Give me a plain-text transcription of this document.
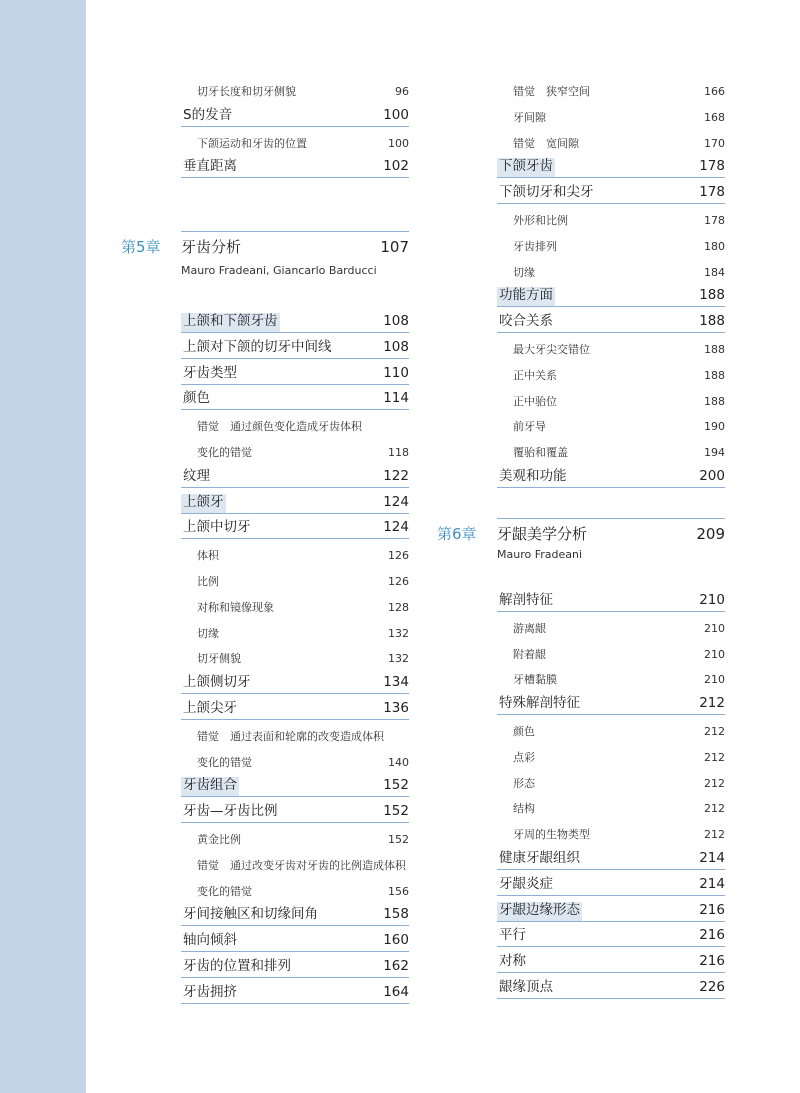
切牙长度和切牙侧貌	96
S的发音	100
下颌运动和牙齿的位置	100
垂直距离	102
第5章 牙齿分析	107
Mauro Fradeani, Giancarlo Barducci
上颌和下颌牙齿	108
上颌对下颌的切牙中间线	108
牙齿类型	110
颜色	114
错觉　通过颜色变化造成牙齿体积
变化的错觉	118
纹理	122
上颌牙	124
上颌中切牙	124
体积	126
比例	126
对称和镜像现象	128
切缘	132
切牙侧貌	132
上颌侧切牙	134
上颌尖牙	136
错觉　通过表面和轮廓的改变造成体积
变化的错觉	140
牙齿组合	152
牙齿—牙齿比例	152
黄金比例	152
错觉　通过改变牙齿对牙齿的比例造成体积
变化的错觉	156
牙间接触区和切缘间角	158
轴向倾斜	160
牙齿的位置和排列	162
牙齿拥挤	164
错觉　狭窄空间	166
牙间隙	168
错觉　宽间隙	170
下颌牙齿	178
下颌切牙和尖牙	178
外形和比例	178
牙齿排列	180
切缘	184
功能方面	188
咬合关系	188
最大牙尖交错位	188
正中关系	188
正中骀位	188
前牙导	190
覆骀和覆盖	194
美观和功能	200
第6章 牙龈美学分析	209
Mauro Fradeani
解剖特征	210
游离龈	210
附着龈	210
牙槽黏膜	210
特殊解剖特征	212
颜色	212
点彩	212
形态	212
结构	212
牙周的生物类型	212
健康牙龈组织	214
牙龈炎症	214
牙龈边缘形态	216
平行	216
对称	216
龈缘顶点	226
